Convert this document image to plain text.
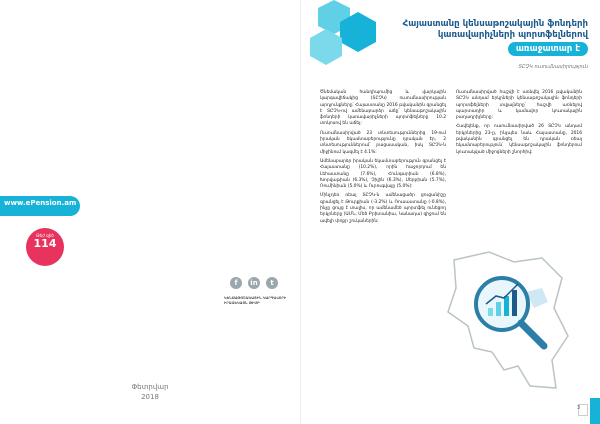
www.ePension.am
Թեժ գիծ
114
f	in	t
ԿԵՆՍԱԹՈՇԱԿԱՅԻՆ ԿԱՐԳԱՎՈՐԻ ԻՐԱԶԵԿԱՅՆ ԹԻՄԲ
Փետրվար
2018
Հայաստանը կենսաթոշակային ֆոնդերի
կառավարիչների պորտֆելներով
առաջատար է
ՏԸՉԿ ուսումնասիրություն

Ծնեմական հանդիպումից և վարկային կարգավիճակից (ՏԸՉԿ) ուսումնասիրության արդյունքները՝ Հայաստանը 2016 թվականին գրանցել է ՏԸՉԿ-ով ամենաբարձր աճը՝ կենսաթոշակային ֆոնդերի կառավարիչների պորտֆելները 10.2 տոկոսով են աճել:

Ուսումնասիրված 23 տնտեսություններից 19-ում իրական եկամտաբերությունը դրական էր, 2 տնտեսություններում՝ բացասական, իսկ ՏԸՉԿ-ն միջինում կազմել է 4.1%:

Ամենաբարձր իրական եկամտաբերություն գրանցել է Հայաստանը (10.2%), որին հաջորդում են Լեհաստանը (7.6%), Հունգարիան (6.8%), Խորվաթիան (6.3%), Չիլին (6.3%), Սերբիան (5.7%), Ռումինիան (5.0%) և Ուրուգվայը (5.0%):

Մինչդեռ ռեալ ՏԸՉԿ-ն ամենացածր ցուցանիշը գրանցել է Թուրքիան (-3.2%) և Ռուսաստանը (-0.8%), ինչը ցույց է տալիս, որ ամենամեծ պորտֆել ունեցող երկրները (ԱՄՆ, Մեծ Բրիտանիա, Կանադա) զիջում են ավելի փոքր շուկաներին:

Ուսումնասիրված հաշվի է առնվել 2016 թվականին ՏԸՉԿ անդամ երկրների կենսաթոշակային ֆոնդերի պորտֆելների տվյալները՝ հաշվի առնելով պարտադիր և կամավոր կուտակային բաղադրիչները:

Հավելենք, որ ուսումնասիրված 26 ՏԸՉԿ անդամ երկրներից 23-ը, ինչպես նաև Հայաստանը, 2016 թվականին գրանցել են դրական ռեալ եկամտաբերություն՝ կենսաթոշակային ֆոնդերում կուտակված միջոցների շնորհիվ:

3
